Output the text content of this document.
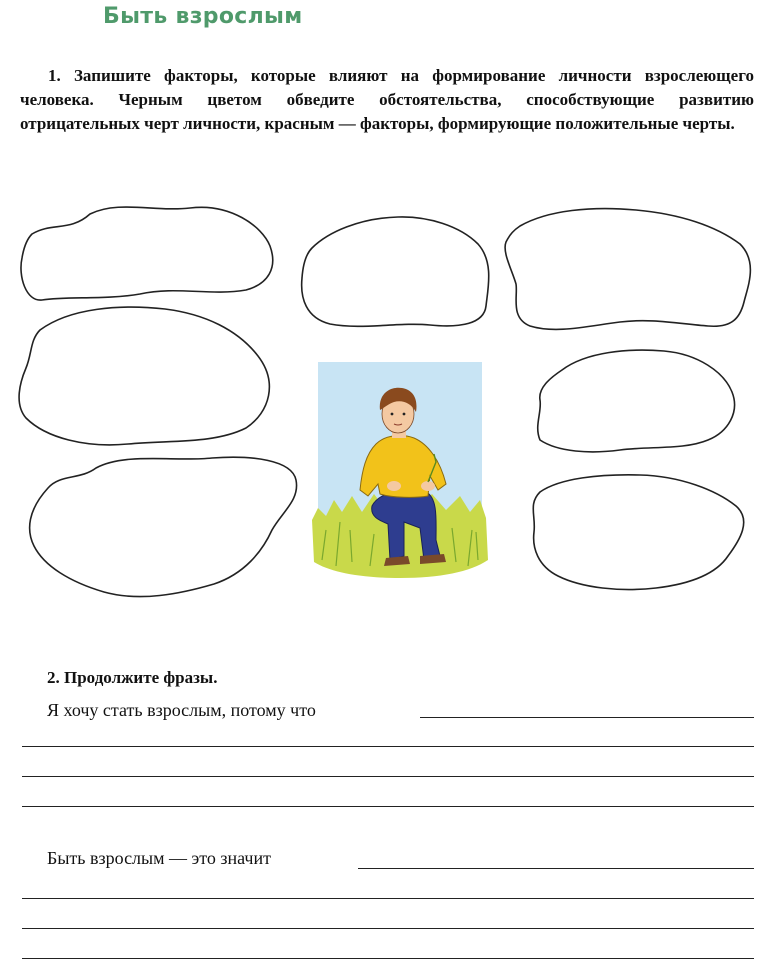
Быть взрослым
1. Запишите факторы, которые влияют на формирование личности взрослеющего человека. Черным цветом обведите обстоятельства, способствующие развитию отрицательных черт личности, красным — факторы, формирующие положительные черты.
2. Продолжите фразы.
Я хочу стать взрослым, потому что
Быть взрослым — это значит
